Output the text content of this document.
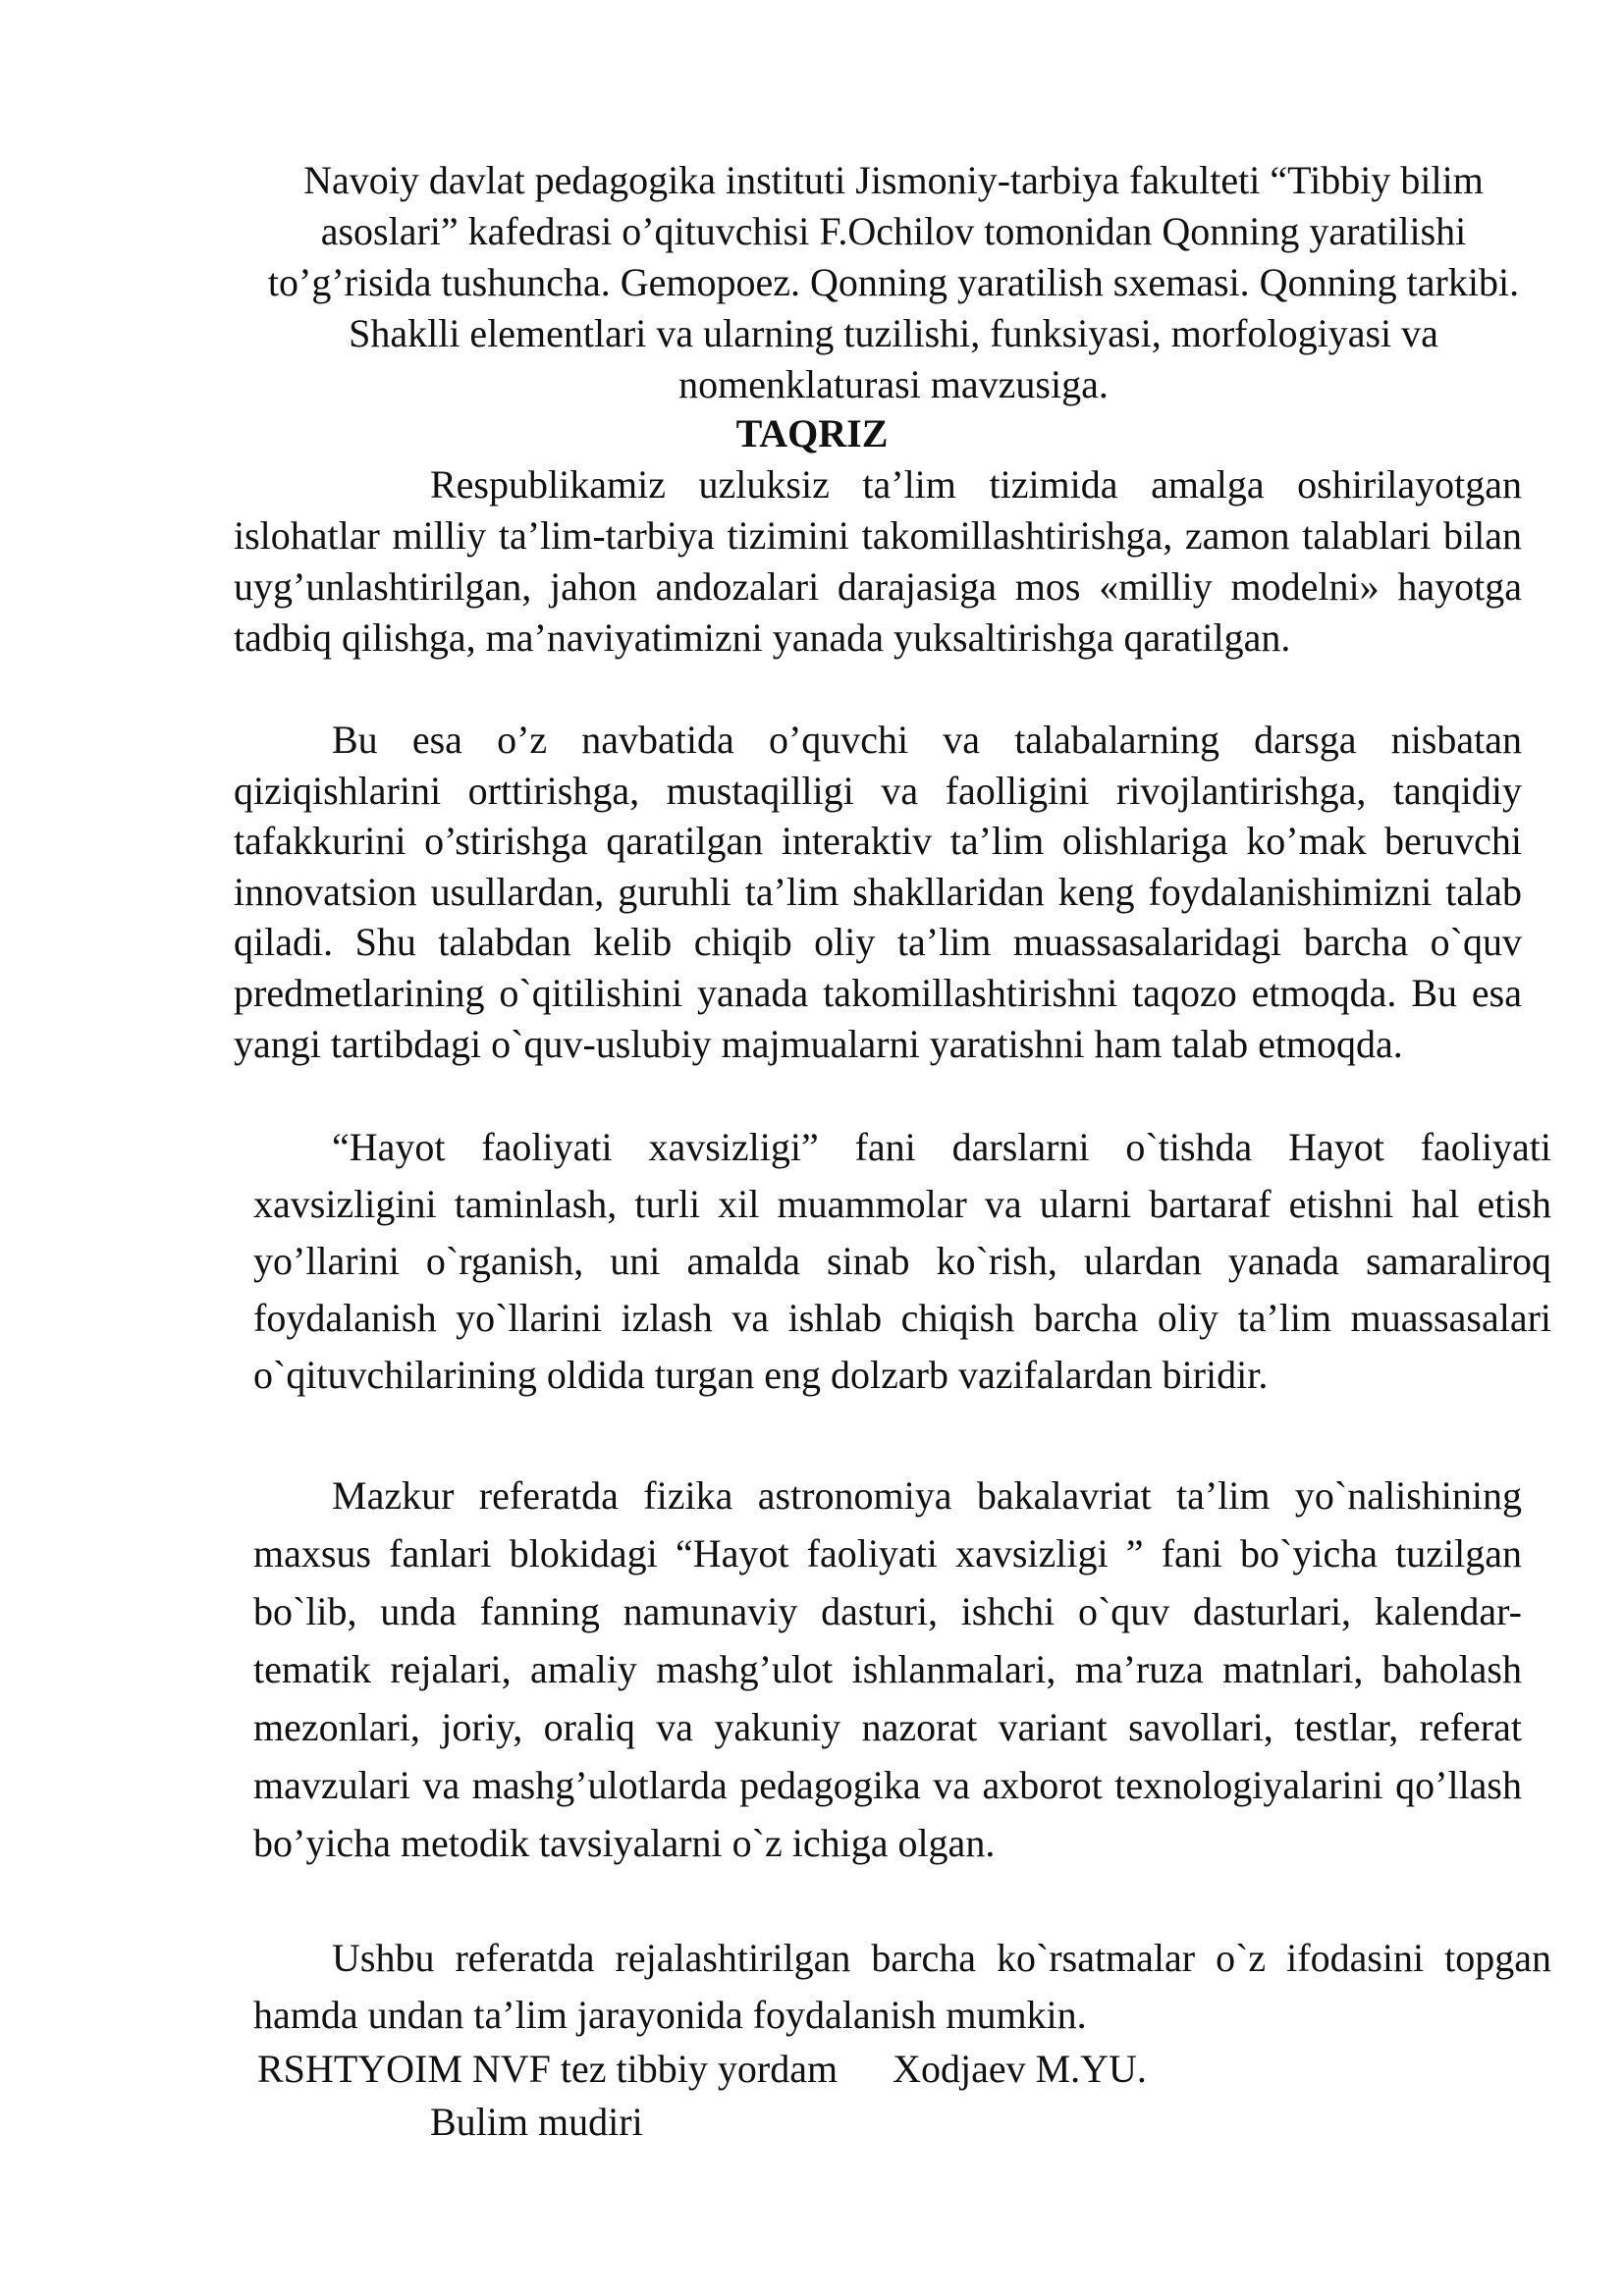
Navoiy davlat pedagogika instituti Jismoniy-tarbiya fakulteti “Tibbiy bilim asoslari” kafedrasi o’qituvchisi F.Ochilov tomonidan Qonning yaratilishi to’g’risida tushuncha. Gemopoez. Qonning yaratilish sxemasi. Qonning tarkibi. Shaklli elementlari va ularning tuzilishi, funksiyasi, morfologiyasi va nomenklaturasi mavzusiga.

TAQRIZ

Respublikamiz uzluksiz ta’lim tizimida amalga oshirilayotgan islohatlar milliy ta’lim-tarbiya tizimini takomillashtirishga, zamon talablari bilan uyg’unlashtirilgan, jahon andozalari darajasiga mos «milliy modelni» hayotga tadbiq qilishga, ma’naviyatimizni yanada yuksaltirishga qaratilgan.

Bu esa o’z navbatida o’quvchi va talabalarning darsga nisbatan qiziqishlarini orttirishga, mustaqilligi va faolligini rivojlantirishga, tanqidiy tafakkurini o’stirishga qaratilgan interaktiv ta’lim olishlariga ko’mak beruvchi innovatsion usullardan, guruhli ta’lim shakllaridan keng foydalanishimizni talab qiladi. Shu talabdan kelib chiqib oliy ta’lim muassasalaridagi barcha o`quv predmetlarining o`qitilishini yanada takomillashtirishni taqozo etmoqda. Bu esa yangi tartibdagi o`quv-uslubiy majmualarni yaratishni ham talab etmoqda.

“Hayot faoliyati xavsizligi” fani darslarni o`tishda Hayot faoliyati xavsizligini taminlash, turli xil muammolar va ularni bartaraf etishni hal etish yo’llarini o`rganish, uni amalda sinab ko`rish, ulardan yanada samaraliroq foydalanish yo`llarini izlash va ishlab chiqish barcha oliy ta’lim muassasalari o`qituvchilarining oldida turgan eng dolzarb vazifalardan biridir.

Mazkur referatda fizika astronomiya bakalavriat ta’lim yo`nalishining maxsus fanlari blokidagi “Hayot faoliyati xavsizligi ” fani bo`yicha tuzilgan bo`lib, unda fanning namunaviy dasturi, ishchi o`quv dasturlari, kalendar-tematik rejalari, amaliy mashg’ulot ishlanmalari, ma’ruza matnlari, baholash mezonlari, joriy, oraliq va yakuniy nazorat variant savollari, testlar, referat mavzulari va mashg’ulotlarda pedagogika va axborot texnologiyalarini qo’llash bo’yicha metodik tavsiyalarni o`z ichiga olgan.

Ushbu referatda rejalashtirilgan barcha ko`rsatmalar o`z ifodasini topgan hamda undan ta’lim jarayonida foydalanish mumkin.

RSHTYOIM NVF tez tibbiy yordam Xodjaev M.YU.

Bulim mudiri
